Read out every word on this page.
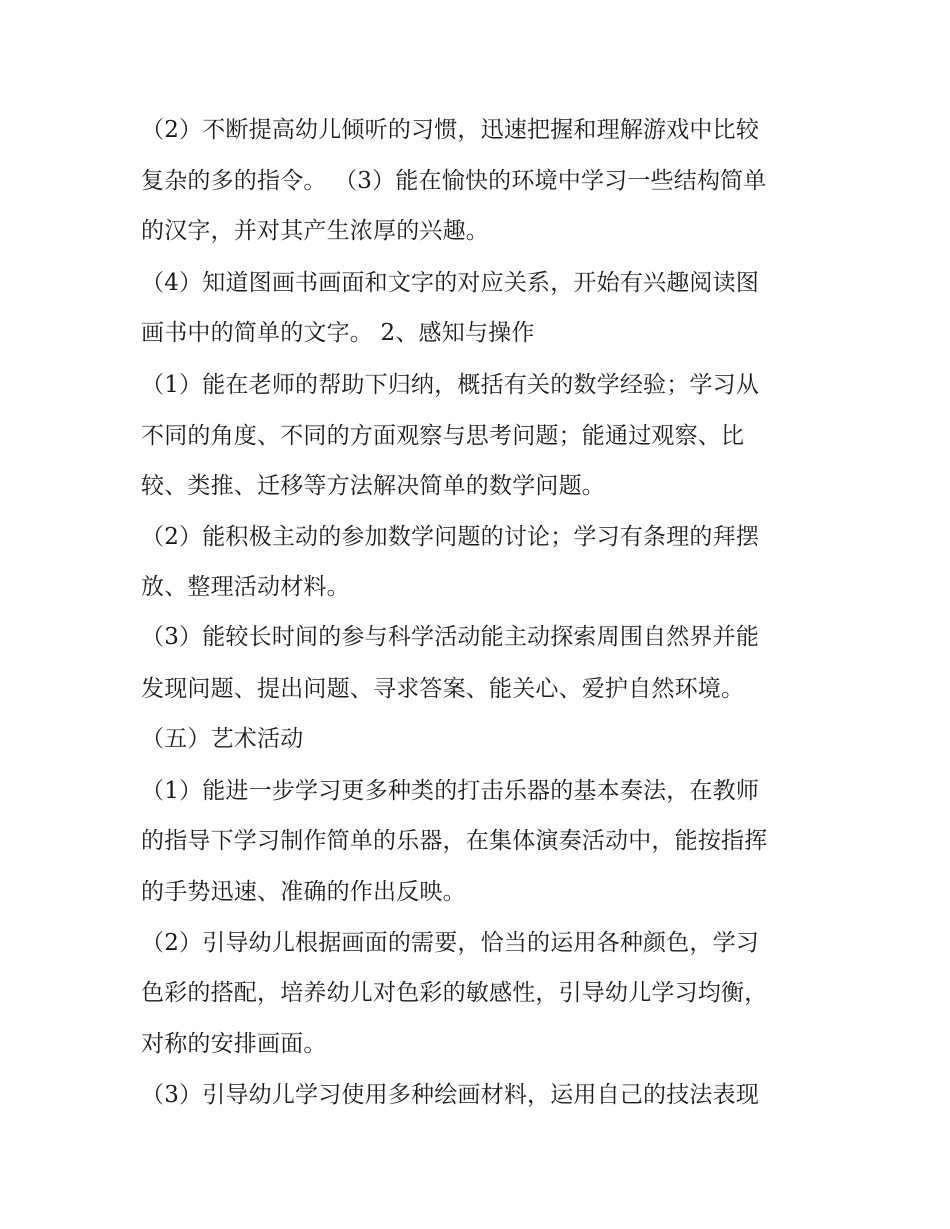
（2）不断提高幼儿倾听的习惯，迅速把握和理解游戏中比较
复杂的多的指令。 （3）能在愉快的环境中学习一些结构简单
的汉字，并对其产生浓厚的兴趣。
（4）知道图画书画面和文字的对应关系，开始有兴趣阅读图
画书中的简单的文字。 2、感知与操作
（1）能在老师的帮助下归纳，概括有关的数学经验；学习从
不同的角度、不同的方面观察与思考问题；能通过观察、比
较、类推、迁移等方法解决简单的数学问题。
（2）能积极主动的参加数学问题的讨论；学习有条理的拜摆
放、整理活动材料。
（3）能较长时间的参与科学活动能主动探索周围自然界并能
发现问题、提出问题、寻求答案、能关心、爱护自然环境。
（五）艺术活动
（1）能进一步学习更多种类的打击乐器的基本奏法，在教师
的指导下学习制作简单的乐器，在集体演奏活动中，能按指挥
的手势迅速、准确的作出反映。
（2）引导幼儿根据画面的需要，恰当的运用各种颜色，学习
色彩的搭配，培养幼儿对色彩的敏感性，引导幼儿学习均衡，
对称的安排画面。
（3）引导幼儿学习使用多种绘画材料，运用自己的技法表现
